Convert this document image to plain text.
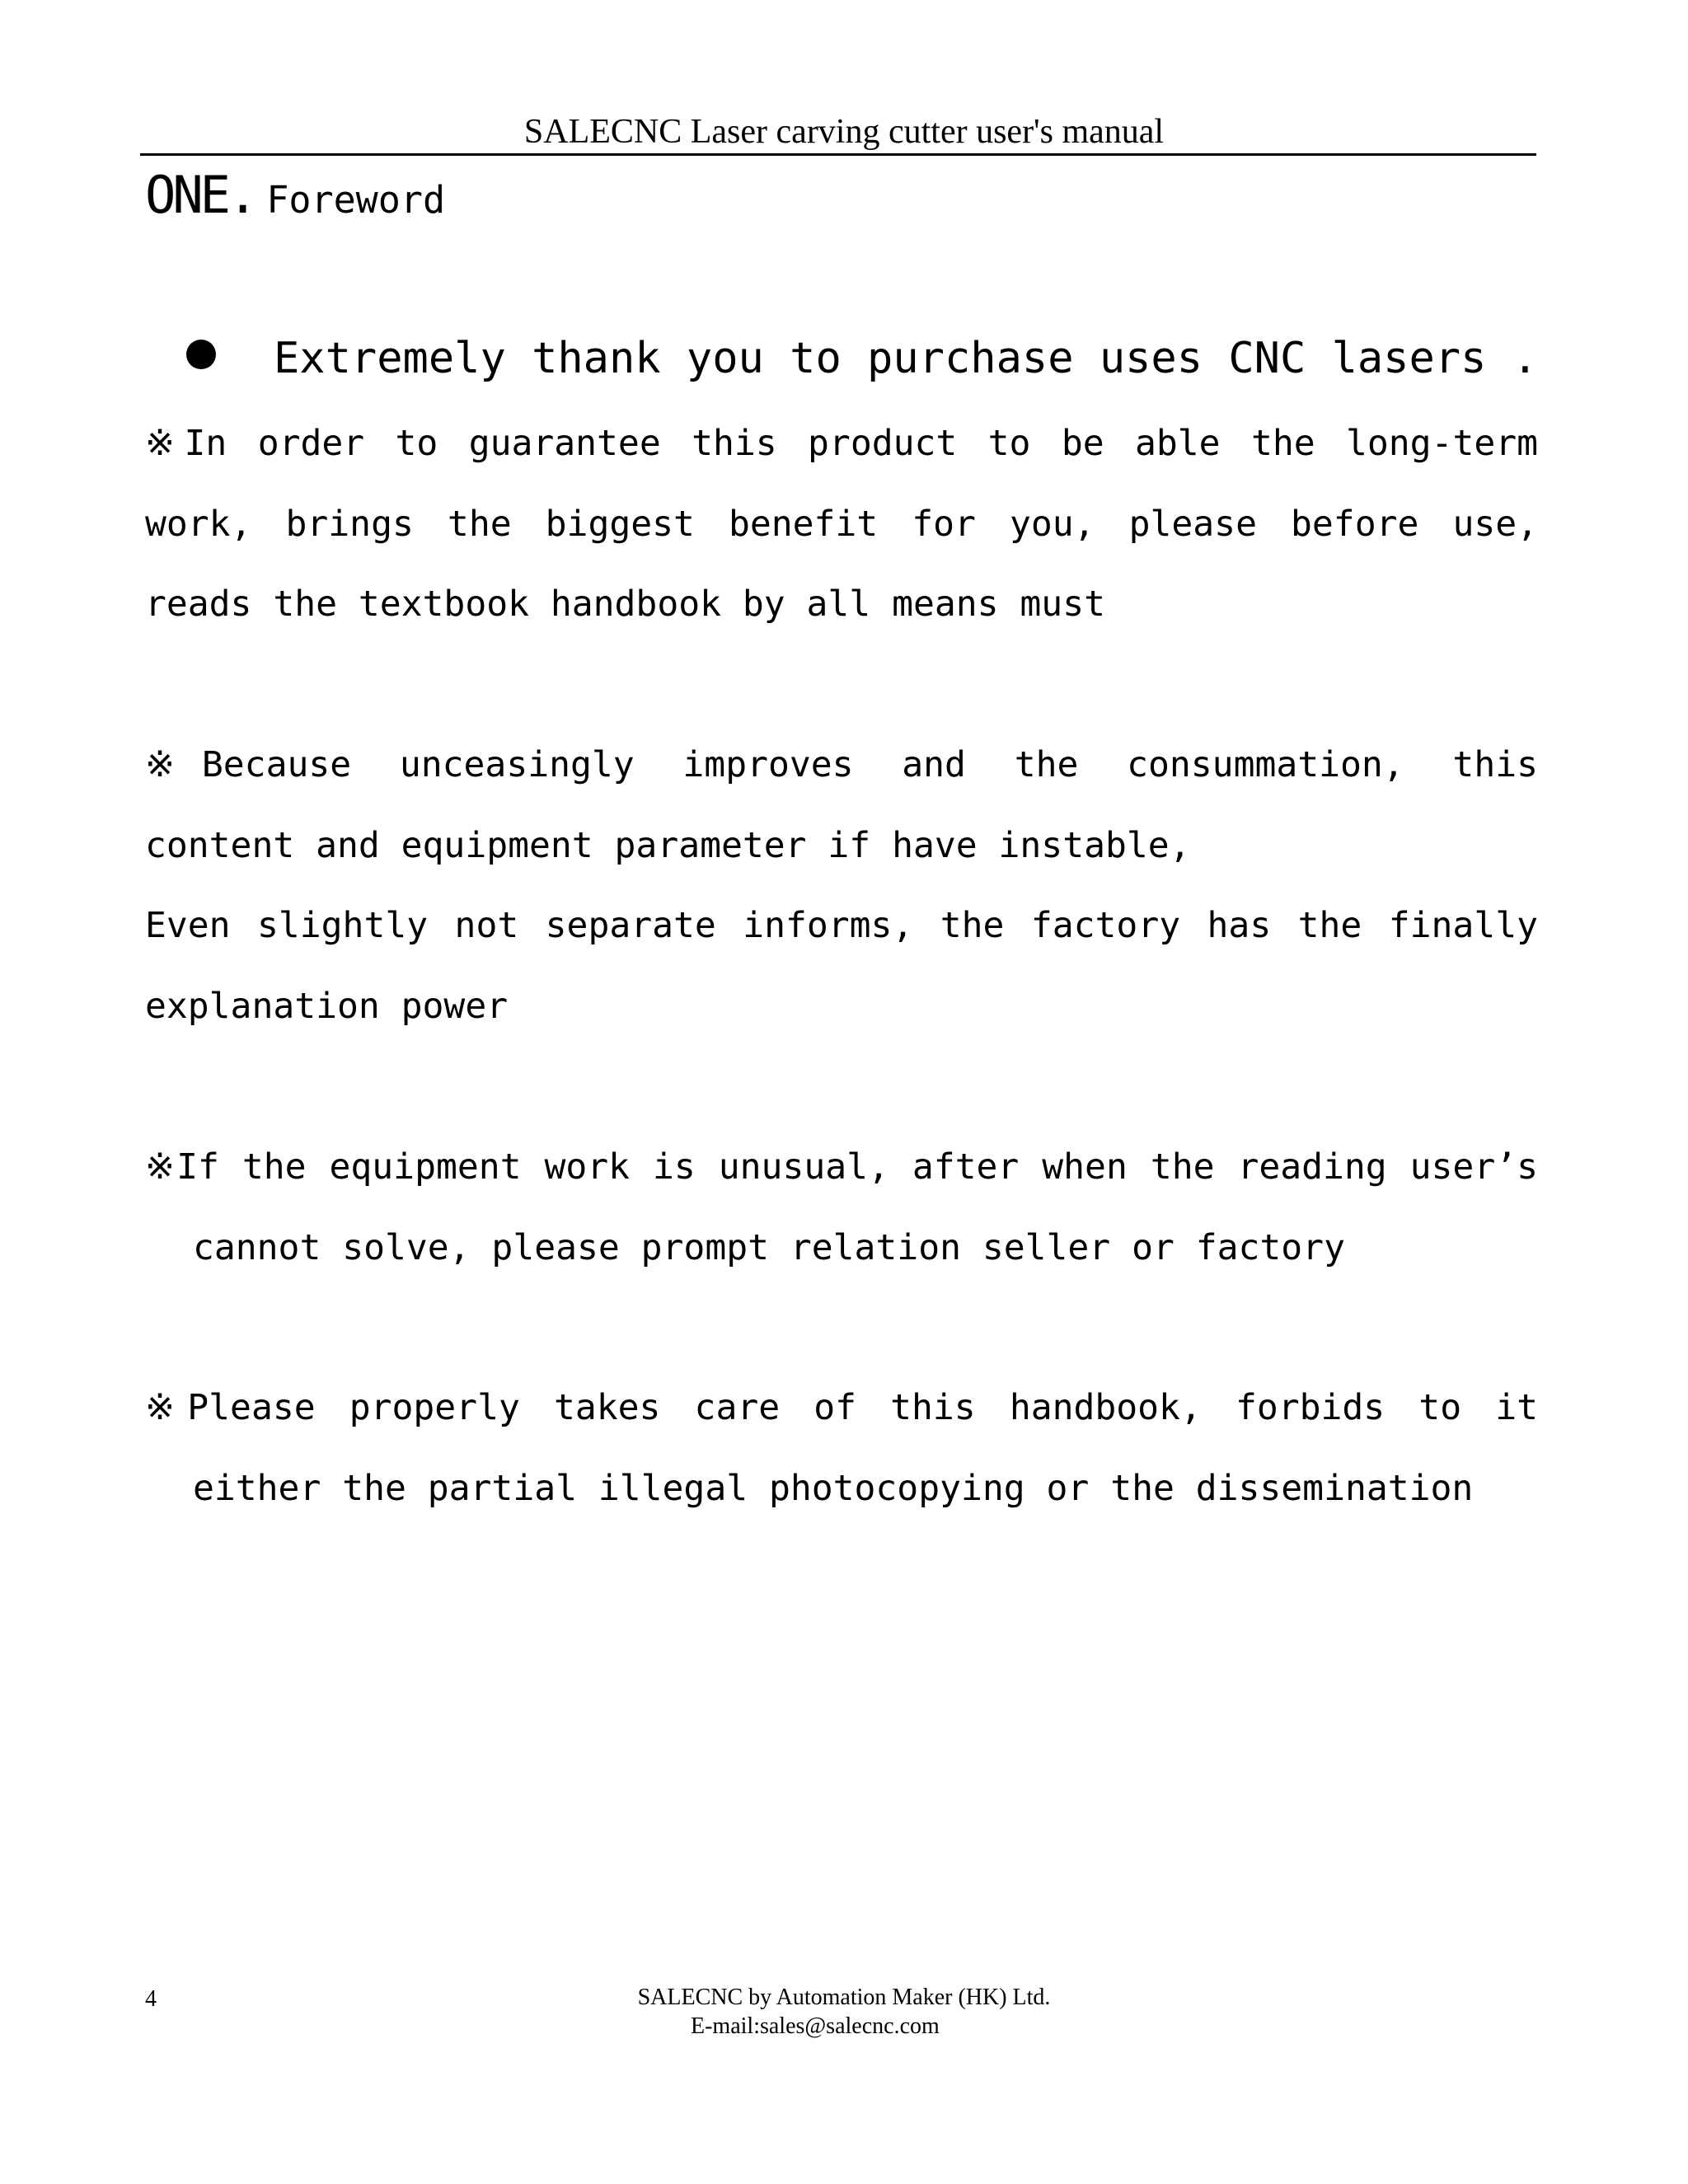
SALECNC Laser carving cutter user's manual
ONE. Foreword
Extremely thank you to purchase uses CNC lasers .
※In order to guarantee this product to be able the long-term
work, brings the biggest benefit for you, please before use,
reads the textbook handbook by all means must
※Because unceasingly improves and the consummation, this
content and equipment parameter if have instable,
Even slightly not separate informs, the factory has the finally
explanation power
※If the equipment work is unusual, after when the reading user’s
cannot solve, please prompt relation seller or factory
※Please properly takes care of this handbook, forbids to it
either the partial illegal photocopying or the dissemination
4	SALECNC by Automation Maker (HK) Ltd.
E-mail:sales@salecnc.com
